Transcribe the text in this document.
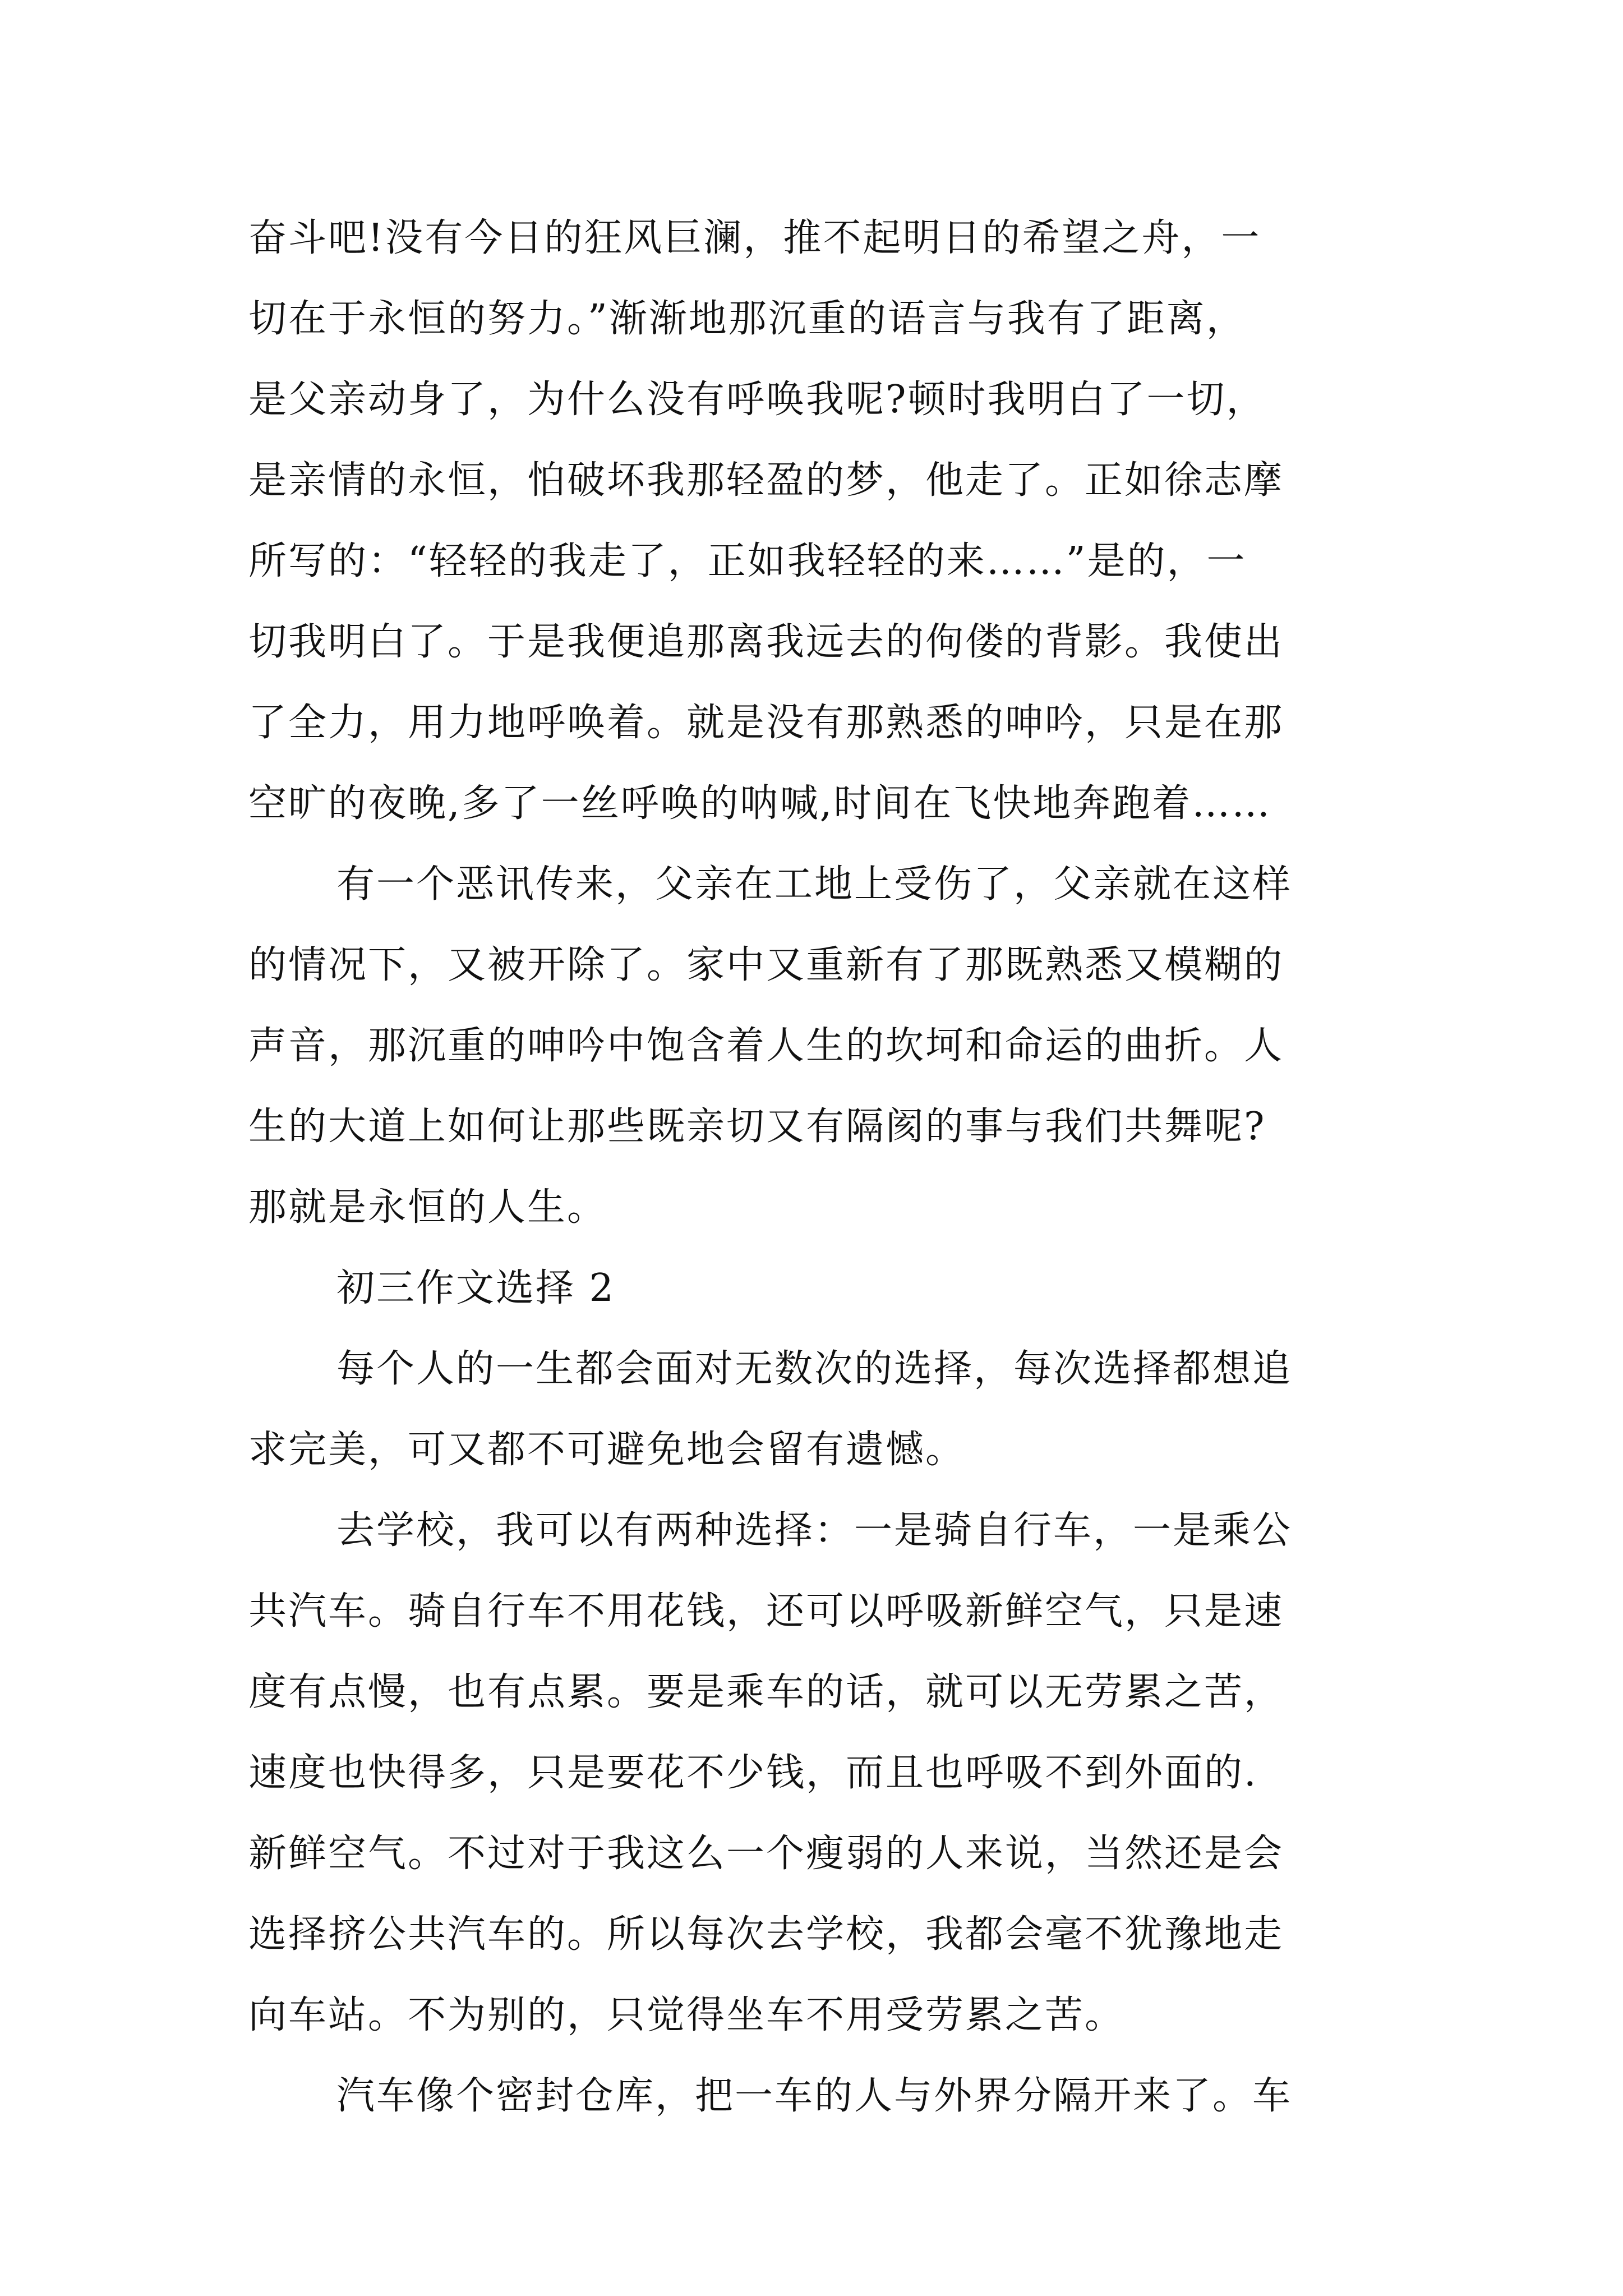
奋斗吧!没有今日的狂风巨澜，推不起明日的希望之舟，一
切在于永恒的努力。”渐渐地那沉重的语言与我有了距离，
是父亲动身了，为什么没有呼唤我呢?顿时我明白了一切，
是亲情的永恒，怕破坏我那轻盈的梦，他走了。正如徐志摩
所写的：“轻轻的我走了，正如我轻轻的来……”是的，一
切我明白了。于是我便追那离我远去的佝偻的背影。我使出
了全力，用力地呼唤着。就是没有那熟悉的呻吟，只是在那
空旷的夜晚,多了一丝呼唤的呐喊,时间在飞快地奔跑着……
有一个恶讯传来，父亲在工地上受伤了，父亲就在这样
的情况下，又被开除了。家中又重新有了那既熟悉又模糊的
声音，那沉重的呻吟中饱含着人生的坎坷和命运的曲折。人
生的大道上如何让那些既亲切又有隔阂的事与我们共舞呢?
那就是永恒的人生。
初三作文选择 2
每个人的一生都会面对无数次的选择，每次选择都想追
求完美，可又都不可避免地会留有遗憾。
去学校，我可以有两种选择：一是骑自行车，一是乘公
共汽车。骑自行车不用花钱，还可以呼吸新鲜空气，只是速
度有点慢，也有点累。要是乘车的话，就可以无劳累之苦，
速度也快得多，只是要花不少钱，而且也呼吸不到外面的.
新鲜空气。不过对于我这么一个瘦弱的人来说，当然还是会
选择挤公共汽车的。所以每次去学校，我都会毫不犹豫地走
向车站。不为别的，只觉得坐车不用受劳累之苦。
汽车像个密封仓库，把一车的人与外界分隔开来了。车
